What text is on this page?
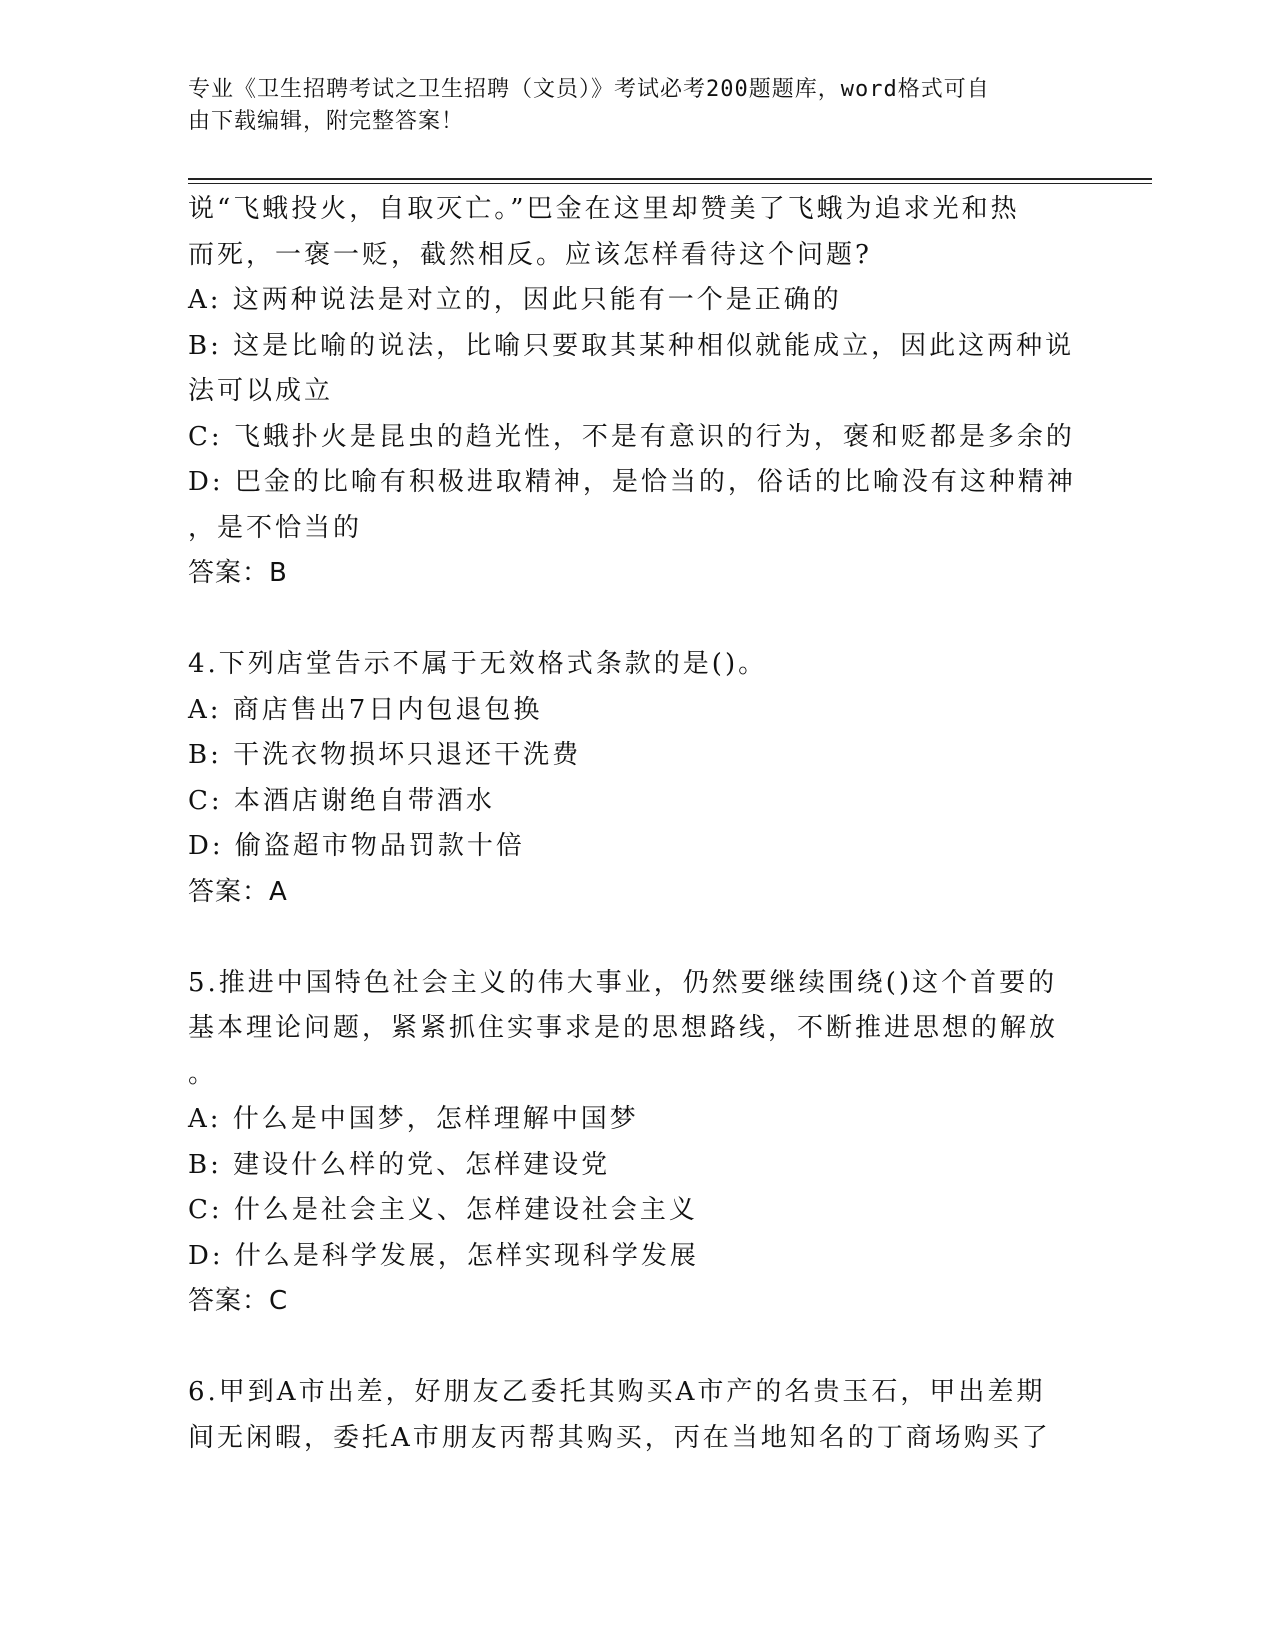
专业《卫生招聘考试之卫生招聘（文员）》考试必考200题题库，word格式可自
由下载编辑，附完整答案！
说“飞蛾投火，自取灭亡。”巴金在这里却赞美了飞蛾为追求光和热
而死，一褒一贬，截然相反。应该怎样看待这个问题?
A: 这两种说法是对立的，因此只能有一个是正确的
B: 这是比喻的说法，比喻只要取其某种相似就能成立，因此这两种说
法可以成立
C: 飞蛾扑火是昆虫的趋光性，不是有意识的行为，褒和贬都是多余的
D: 巴金的比喻有积极进取精神，是恰当的，俗话的比喻没有这种精神
，是不恰当的
答案：B
4.下列店堂告示不属于无效格式条款的是()。
A: 商店售出7日内包退包换
B: 干洗衣物损坏只退还干洗费
C: 本酒店谢绝自带酒水
D: 偷盗超市物品罚款十倍
答案：A
5.推进中国特色社会主义的伟大事业，仍然要继续围绕()这个首要的
基本理论问题，紧紧抓住实事求是的思想路线，不断推进思想的解放
。
A: 什么是中国梦，怎样理解中国梦
B: 建设什么样的党、怎样建设党
C: 什么是社会主义、怎样建设社会主义
D: 什么是科学发展，怎样实现科学发展
答案：C
6.甲到A市出差，好朋友乙委托其购买A市产的名贵玉石，甲出差期
间无闲暇，委托A市朋友丙帮其购买，丙在当地知名的丁商场购买了
